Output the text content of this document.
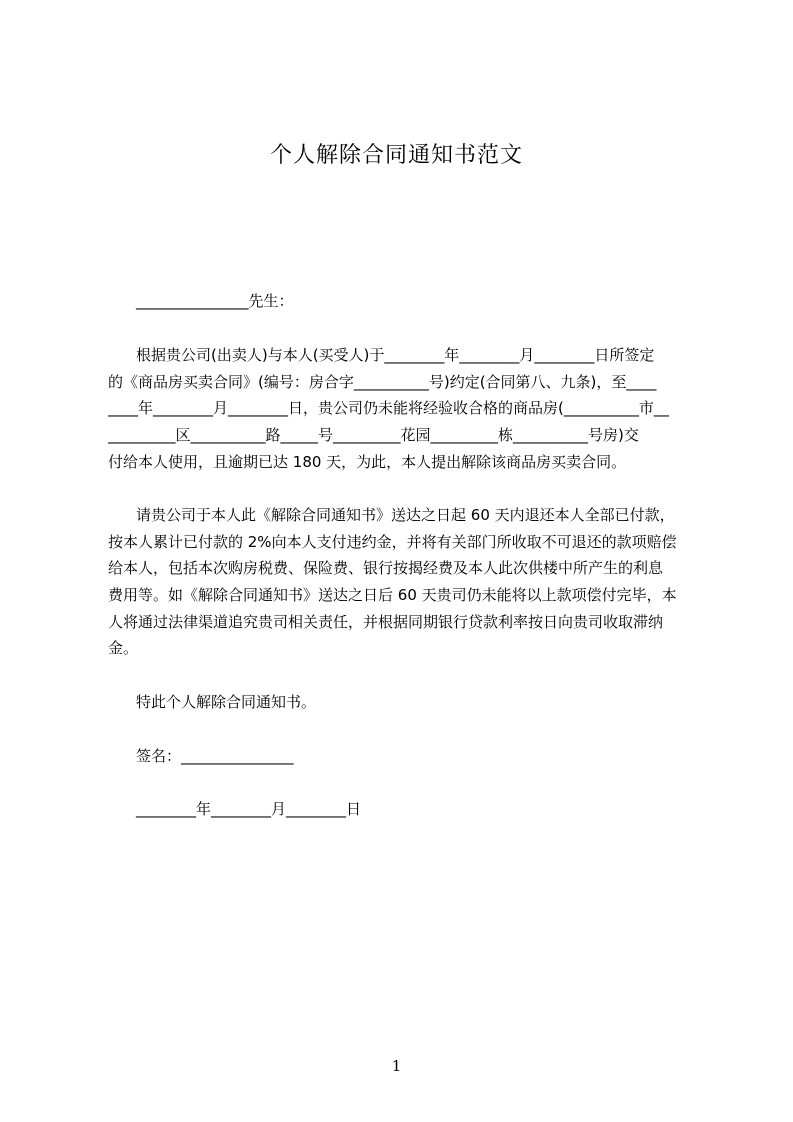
个人解除合同通知书范文
_______________先生：
根据贵公司(出卖人)与本人(买受人)于________年________月________日所签定
的《商品房买卖合同》(编号：房合字__________号)约定(合同第八、九条)，至____
____年________月________日，贵公司仍未能将经验收合格的商品房(__________市__
_________区__________路_____号_________花园_________栋__________号房)交
付给本人使用，且逾期已达 180 天，为此，本人提出解除该商品房买卖合同。
请贵公司于本人此《解除合同通知书》送达之日起 60 天内退还本人全部已付款，
按本人累计已付款的 2%向本人支付违约金，并将有关部门所收取不可退还的款项赔偿
给本人，包括本次购房税费、保险费、银行按揭经费及本人此次供楼中所产生的利息
费用等。如《解除合同通知书》送达之日后 60 天贵司仍未能将以上款项偿付完毕，本
人将通过法律渠道追究贵司相关责任，并根据同期银行贷款利率按日向贵司收取滞纳
金。
特此个人解除合同通知书。
签名：_______________
________年________月________日
1
